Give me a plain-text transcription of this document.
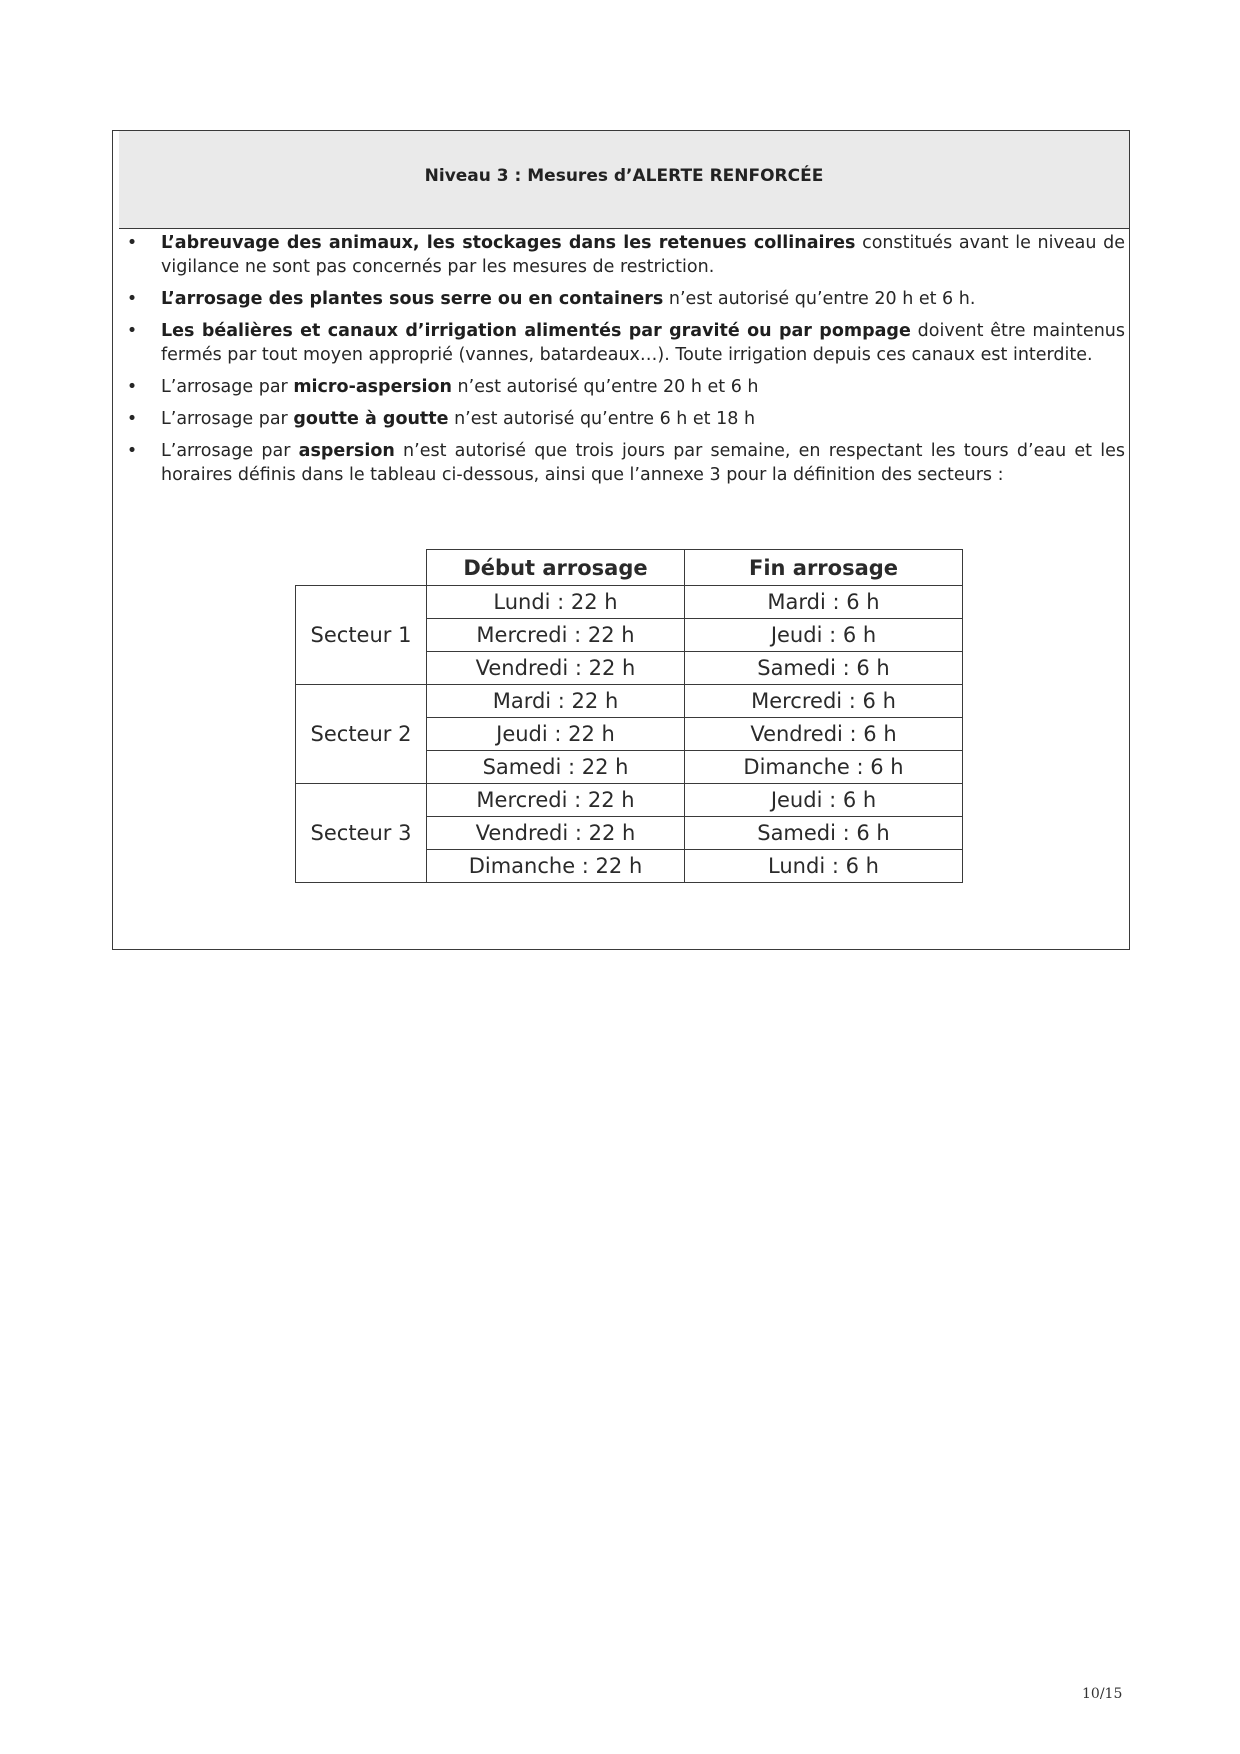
Niveau 3 : Mesures d’ALERTE RENFORCÉE
• L’abreuvage des animaux, les stockages dans les retenues collinaires constitués avant le niveau de vigilance ne sont pas concernés par les mesures de restriction.
• L’arrosage des plantes sous serre ou en containers n’est autorisé qu’entre 20 h et 6 h.
• Les béalières et canaux d’irrigation alimentés par gravité ou par pompage doivent être maintenus fermés par tout moyen approprié (vannes, batardeaux…). Toute irrigation depuis ces canaux est interdite.
• L’arrosage par micro-aspersion n’est autorisé qu’entre 20 h et 6 h
• L’arrosage par goutte à goutte n’est autorisé qu’entre 6 h et 18 h
• L’arrosage par aspersion n’est autorisé que trois jours par semaine, en respectant les tours d’eau et les horaires définis dans le tableau ci-dessous, ainsi que l’annexe 3 pour la définition des secteurs :
	Début arrosage	Fin arrosage
Secteur 1	Lundi : 22 h	Mardi : 6 h
	Mercredi : 22 h	Jeudi : 6 h
	Vendredi : 22 h	Samedi : 6 h
Secteur 2	Mardi : 22 h	Mercredi : 6 h
	Jeudi : 22 h	Vendredi : 6 h
	Samedi : 22 h	Dimanche : 6 h
Secteur 3	Mercredi : 22 h	Jeudi : 6 h
	Vendredi : 22 h	Samedi : 6 h
	Dimanche : 22 h	Lundi : 6 h
10/15
